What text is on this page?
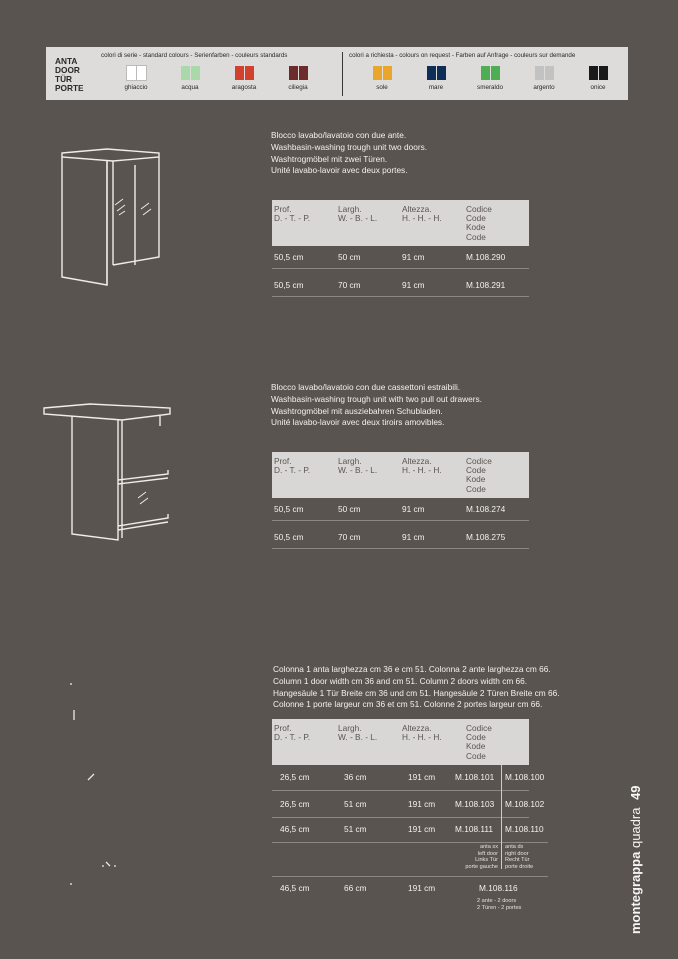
ANTA
DOOR
TÜR
PORTE
colori di serie - standard colours - Serienfarben - couleurs standards	colori a richiesta - colours on request - Farben auf Anfrage - couleurs sur demande
ghiaccio	acqua	aragosta	ciliegia	sole	mare	smeraldo	argento	onice
Blocco lavabo/lavatoio con due ante.
Washbasin-washing trough unit two doors.
Washtrogmöbel mit zwei Türen.
Unité lavabo-lavoir avec deux portes.
Prof.
D. - T. - P.
Largh.
W. - B. - L.
Altezza.
H. - H. - H.
Codice
Code
Kode
Code
50,5 cm	50 cm	91 cm	M.108.290
50,5 cm	70 cm	91 cm	M.108.291
Blocco lavabo/lavatoio con due cassettoni estraibili.
Washbasin-washing trough unit with two pull out drawers.
Washtrogmöbel mit ausziebahren Schubladen.
Unité lavabo-lavoir avec deux tiroirs amovibles.
Prof.
D. - T. - P.
Largh.
W. - B. - L.
Altezza.
H. - H. - H.
Codice
Code
Kode
Code
50,5 cm	50 cm	91 cm	M.108.274
50,5 cm	70 cm	91 cm	M.108.275
Colonna 1 anta larghezza cm 36 e cm 51. Colonna 2 ante larghezza cm 66.
Column 1 door width cm 36 and cm 51. Column 2 doors width cm 66.
Hangesäule 1 Tür Breite cm 36 und cm 51. Hangesäule 2 Türen Breite cm 66.
Colonne 1 porte largeur cm 36 et cm 51. Colonne 2 portes largeur cm 66.
Prof.
D. - T. - P.
Largh.
W. - B. - L.
Altezza.
H. - H. - H.
Codice
Code
Kode
Code
26,5 cm	36 cm	191 cm M.108.101 M.108.100
26,5 cm	51 cm	191 cm M.108.103 M.108.102
46,5 cm	51 cm	191 cm M.108.111 M.108.110
anta sx
left door
Links Tür
porte gauche
anta dx
right door
Recht Tür
porte droite
46,5 cm	66 cm	191 cm	M.108.116
2 ante - 2 doors
2 Türen - 2 portes	montegrappa quadra 49
